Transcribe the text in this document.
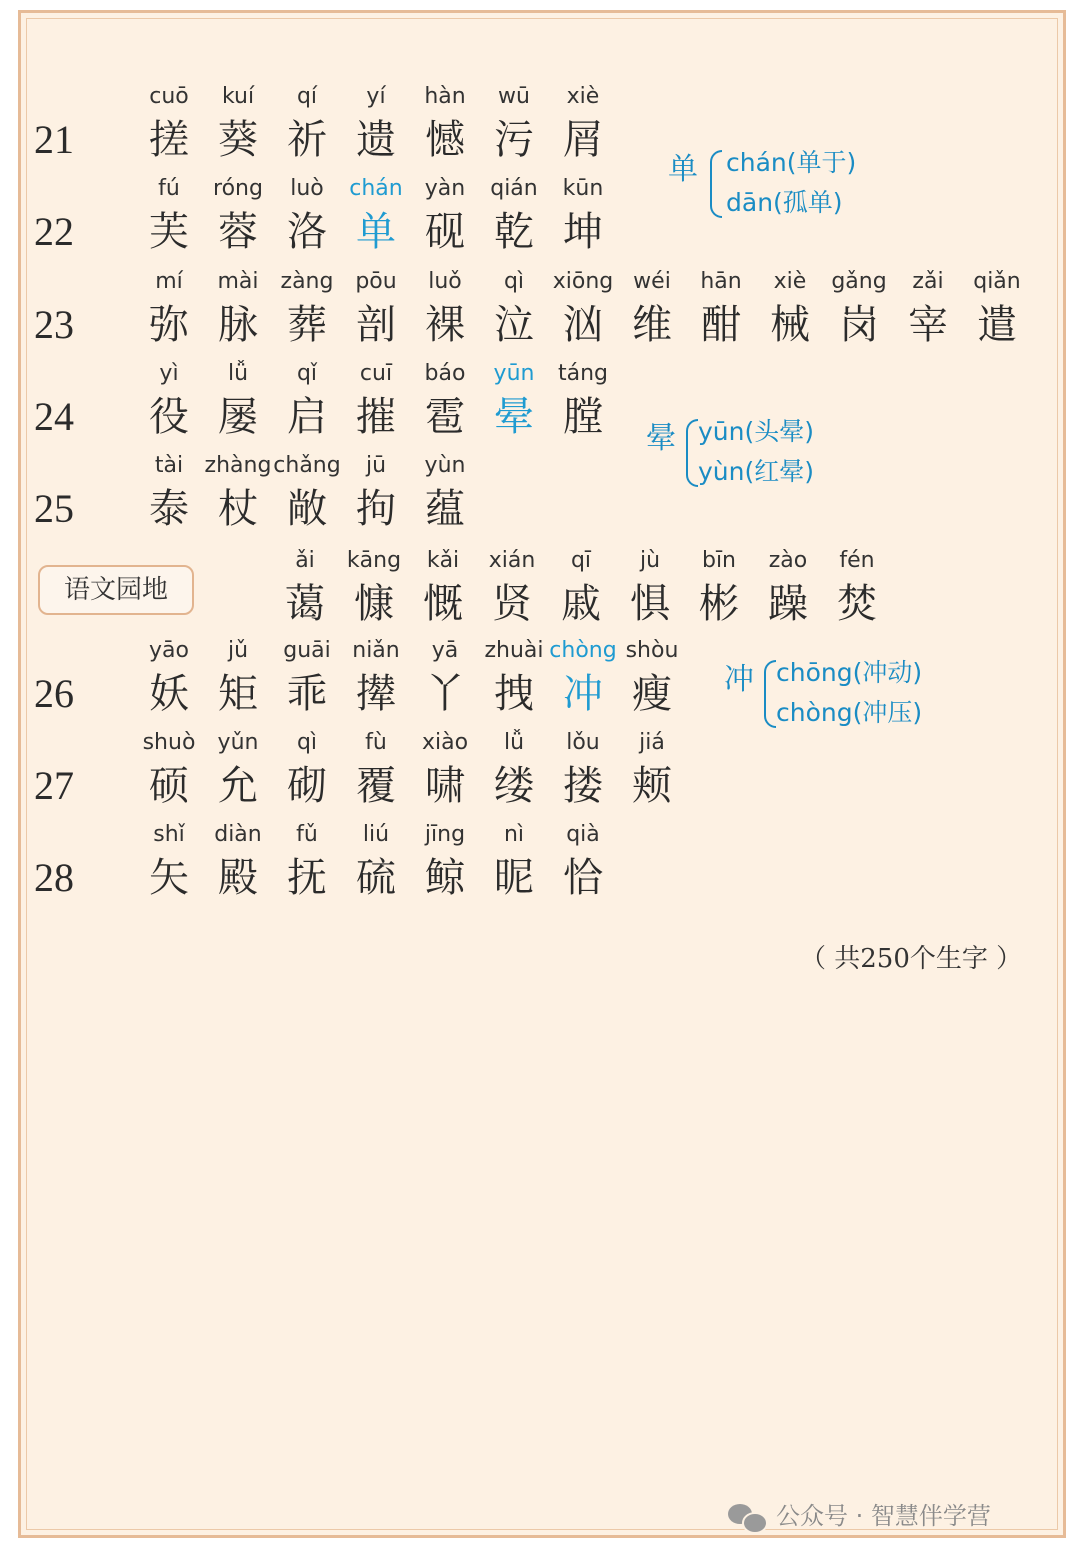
21
cuō
搓
kuí
葵
qí
祈
yí
遗
hàn
憾
wū
污
xiè
屑
22
fú
芙
róng
蓉
luò
洛
chán
单
yàn
砚
qián
乾
kūn
坤
23
mí
弥
mài
脉
zàng
葬
pōu
剖
luǒ
裸
qì
泣
xiōng
汹
wéi
维
hān
酣
xiè
械
gǎng
岗
zǎi
宰
qiǎn
遣
24
yì
役
lǚ
屡
qǐ
启
cuī
摧
báo
雹
yūn
晕
táng
膛
25
tài
泰
zhàng
杖
chǎng
敞
jū
拘
yùn
蕴
ǎi
蔼
kāng
慷
kǎi
慨
xián
贤
qī
戚
jù
惧
bīn
彬
zào
躁
fén
焚
26
yāo
妖
jǔ
矩
guāi
乖
niǎn
撵
yā
丫
zhuài
拽
chòng
冲
shòu
瘦
27
shuò
硕
yǔn
允
qì
砌
fù
覆
xiào
啸
lǚ
缕
lǒu
搂
jiá
颊
28
shǐ
矢
diàn
殿
fǔ
抚
liú
硫
jīng
鲸
nì
昵
qià
恰
语文园地
单 chán(单于)
dān(孤单)
晕 yūn(头晕)
yùn(红晕)
冲 chōng(冲动)
chòng(冲压)
（ 共250个生字 ）
公众号 · 智慧伴学营
